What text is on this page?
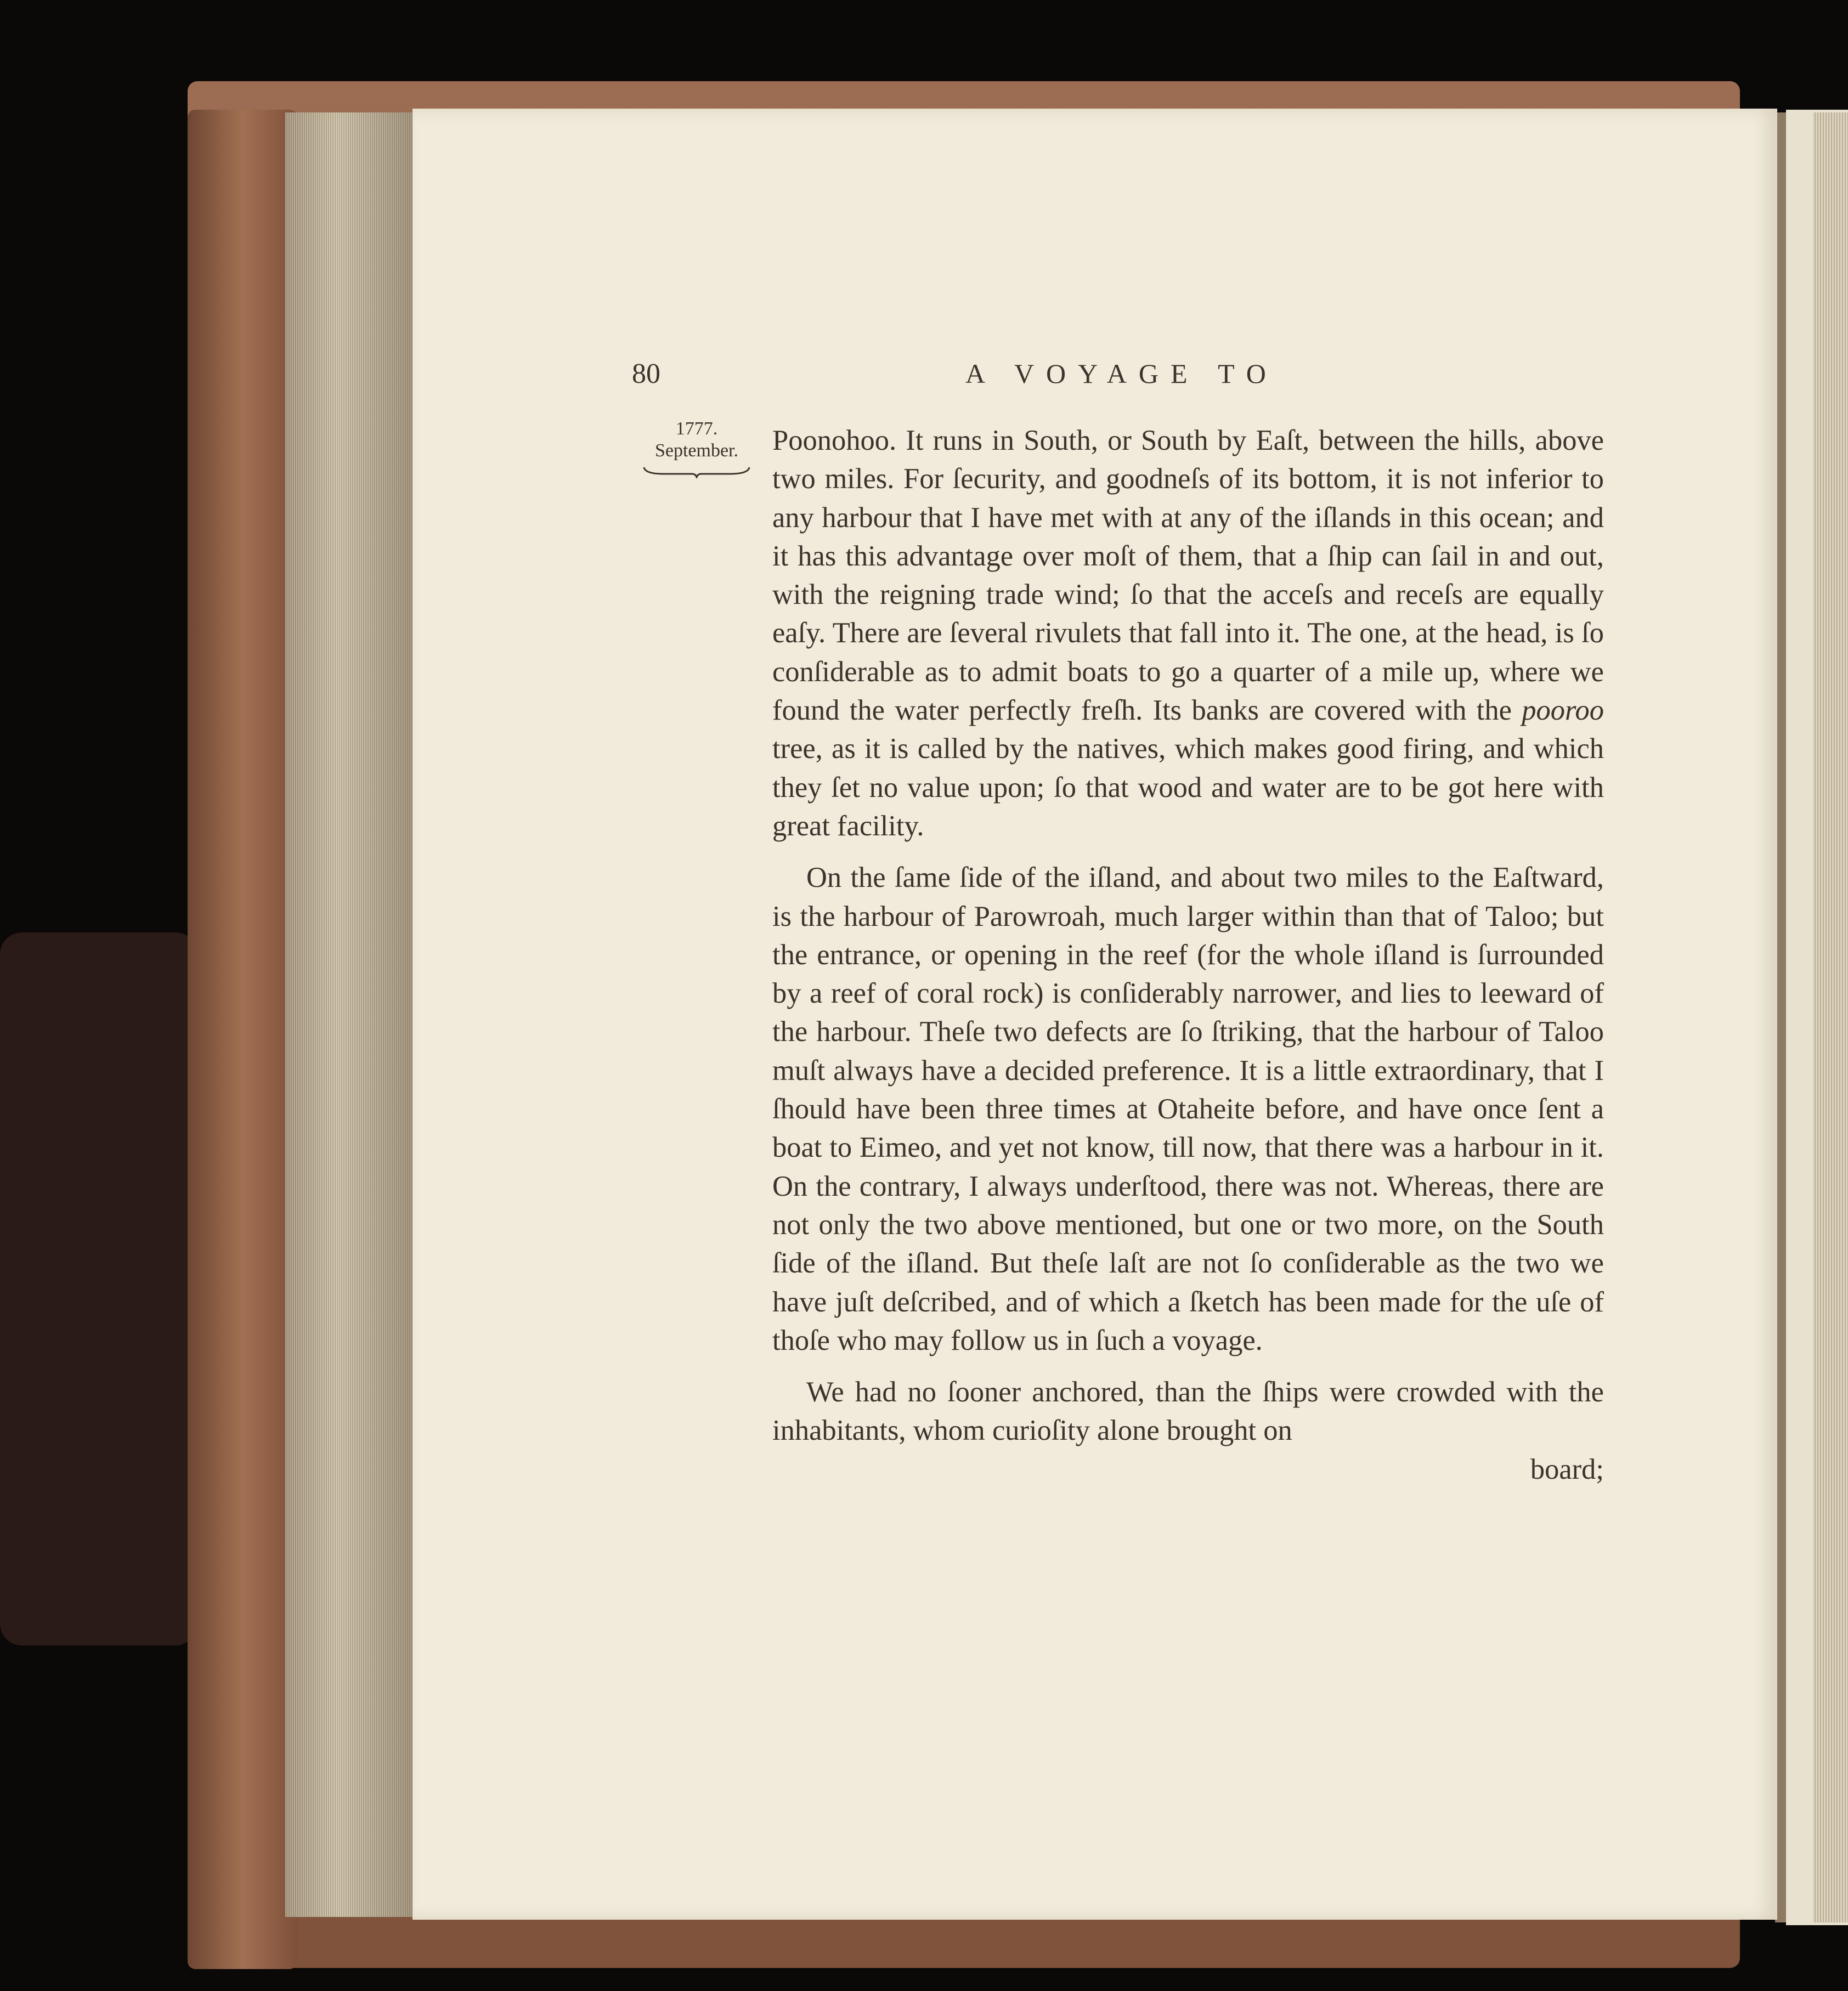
80	A VOYAGE TO
1777.
September.	Poonohoo. It runs in South, or South by Eaſt, between the hills, above two miles. For ſecurity, and goodneſs of its bottom, it is not inferior to any harbour that I have met with at any of the iſlands in this ocean; and it has this advantage over moſt of them, that a ſhip can ſail in and out, with the reigning trade wind; ſo that the acceſs and receſs are equally eaſy. There are ſeveral rivulets that fall into it. The one, at the head, is ſo conſiderable as to admit boats to go a quarter of a mile up, where we found the water perfectly freſh. Its banks are covered with the pooroo tree, as it is called by the natives, which makes good firing, and which they ſet no value upon; ſo that wood and water are to be got here with great facility.

On the ſame ſide of the iſland, and about two miles to the Eaſtward, is the harbour of Parowroah, much larger within than that of Taloo; but the entrance, or opening in the reef (for the whole iſland is ſurrounded by a reef of coral rock) is conſiderably narrower, and lies to leeward of the harbour. Theſe two defects are ſo ſtriking, that the harbour of Taloo muſt always have a decided preference. It is a little extraordinary, that I ſhould have been three times at Otaheite before, and have once ſent a boat to Eimeo, and yet not know, till now, that there was a harbour in it. On the contrary, I always underſtood, there was not. Whereas, there are not only the two above mentioned, but one or two more, on the South ſide of the iſland. But theſe laſt are not ſo conſiderable as the two we have juſt deſcribed, and of which a ſketch has been made for the uſe of thoſe who may follow us in ſuch a voyage.

We had no ſooner anchored, than the ſhips were crowded with the inhabitants, whom curioſity alone brought on

board;
